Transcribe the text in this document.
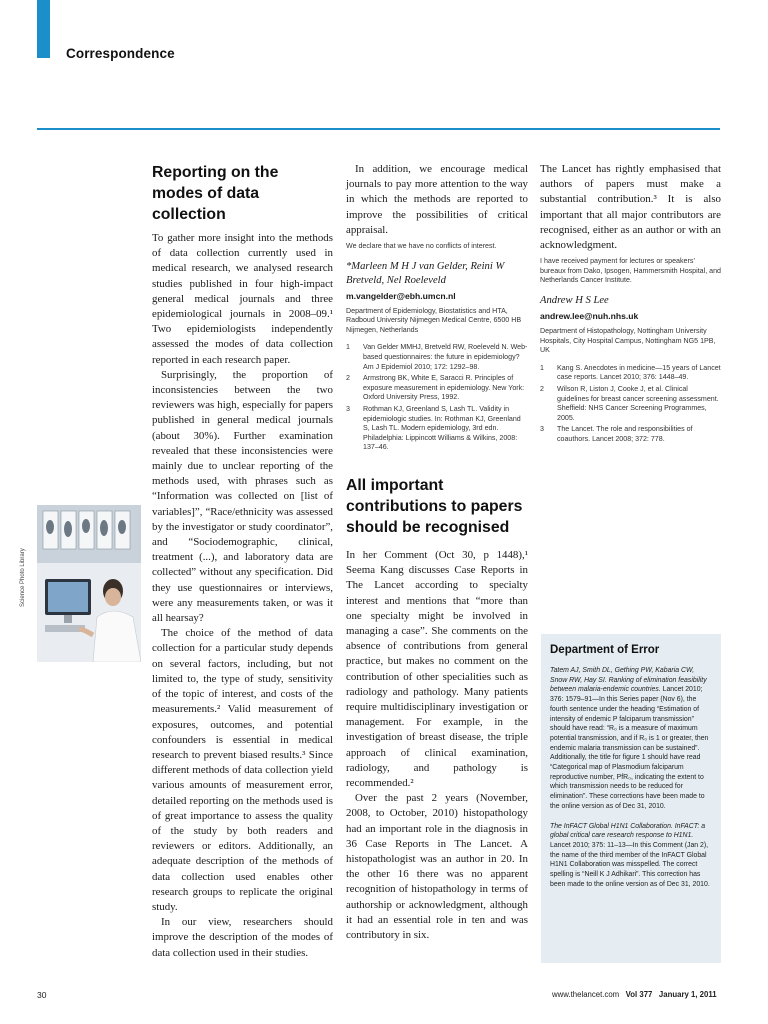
Correspondence
Reporting on the modes of data collection

To gather more insight into the methods of data collection currently used in medical research, we analysed research studies published in four high-impact general medical journals and three epidemiological journals in 2008–09.¹ Two epidemiologists independently assessed the modes of data collection reported in each research paper.

Surprisingly, the proportion of inconsistencies between the two reviewers was high, especially for papers published in general medical journals (about 30%). Further examination revealed that these inconsistencies were mainly due to unclear reporting of the methods used, with phrases such as “Information was collected on [list of variables]”, “Race/ethnicity was assessed by the investigator or study coordinator”, and “Sociodemographic, clinical, treatment (...), and laboratory data are collected” without any specification. Did they use questionnaires or interviews, were any measurements taken, or was it all hearsay?

The choice of the method of data collection for a particular study depends on several factors, including, but not limited to, the type of study, sensitivity of the topic of interest, and costs of the measurements.² Valid measurement of exposures, outcomes, and potential confounders is essential in medical research to prevent biased results.³ Since different methods of data collection yield various amounts of measurement error, detailed reporting on the methods used is of great importance to assess the quality of the study by both readers and reviewers or editors. Additionally, an adequate description of the methods of data collection used enables other research groups to replicate the original study.

In our view, researchers should improve the description of the modes of data collection used in their studies.

In addition, we encourage medical journals to pay more attention to the way in which the methods are reported to improve the possibilities of critical appraisal.

We declare that we have no conflicts of interest.
*Marleen M H J van Gelder, Reini W Bretveld, Nel Roeleveld
m.vangelder@ebh.umcn.nl
Department of Epidemiology, Biostatistics and HTA, Radboud University Nijmegen Medical Centre, 6500 HB Nijmegen, Netherlands
1	Van Gelder MMHJ, Bretveld RW, Roeleveld N. Web-based questionnaires: the future in epidemiology? Am J Epidemiol 2010; 172: 1292–98.
2	Armstrong BK, White E, Saracci R. Principles of exposure measurement in epidemiology. New York: Oxford University Press, 1992.
3	Rothman KJ, Greenland S, Lash TL. Validity in epidemiologic studies. In: Rothman KJ, Greenland S, Lash TL. Modern epidemiology, 3rd edn. Philadelphia: Lippincott Williams & Wilkins, 2008: 137–46.
All important contributions to papers should be recognised

In her Comment (Oct 30, p 1448),¹ Seema Kang discusses Case Reports in The Lancet according to specialty interest and mentions that “more than one specialty might be involved in managing a case”. She comments on the absence of contributions from general practice, but makes no comment on the contribution of other specialities such as radiology and pathology. Many patients require multidisciplinary investigation or management. For example, in the investigation of breast disease, the triple approach of clinical examination, radiology, and pathology is recommended.²

Over the past 2 years (November, 2008, to October, 2010) histopathology had an important role in the diagnosis in 36 Case Reports in The Lancet. A histopathologist was an author in 20. In the other 16 there was no apparent recognition of histopathology in terms of authorship or acknowledgment, although it had an essential role in ten and was contributory in six.

The Lancet has rightly emphasised that authors of papers must make a substantial contribution.³ It is also important that all major contributors are recognised, either as an author or with an acknowledgment.

I have received payment for lectures or speakers’ bureaux from Dako, Ipsogen, Hammersmith Hospital, and Netherlands Cancer Institute.
Andrew H S Lee
andrew.lee@nuh.nhs.uk
Department of Histopathology, Nottingham University Hospitals, City Hospital Campus, Nottingham NG5 1PB, UK
1	Kang S. Anecdotes in medicine—15 years of Lancet case reports. Lancet 2010; 376: 1448–49.
2	Wilson R, Liston J, Cooke J, et al. Clinical guidelines for breast cancer screening assessment. Sheffield: NHS Cancer Screening Programmes, 2005.
3	The Lancet. The role and responsibilities of coauthors. Lancet 2008; 372: 778.
Science Photo Library
Department of Error
Tatem AJ, Smith DL, Gething PW, Kabaria CW, Snow RW, Hay SI. Ranking of elimination feasibility between malaria-endemic countries. Lancet 2010; 376: 1579–91—In this Series paper (Nov 6), the fourth sentence under the heading “Estimation of intensity of endemic P falciparum transmission” should have read: “R₀ is a measure of maximum potential transmission, and if R₀ is 1 or greater, then endemic malaria transmission can be sustained”. Additionally, the title for figure 1 should have read “Categorical map of Plasmodium falciparum reproductive number, PfR₀, indicating the extent to which transmission needs to be reduced for elimination”. These corrections have been made to the online version as of Dec 31, 2010.
The InFACT Global H1N1 Collaboration. InFACT: a global critical care research response to H1N1. Lancet 2010; 375: 11–13—In this Comment (Jan 2), the name of the third member of the InFACT Global H1N1 Collaboration was misspelled. The correct spelling is “Neill K J Adhikari”. This correction has been made to the online version as of Dec 31, 2010.
30	www.thelancet.com Vol 377 January 1, 2011
